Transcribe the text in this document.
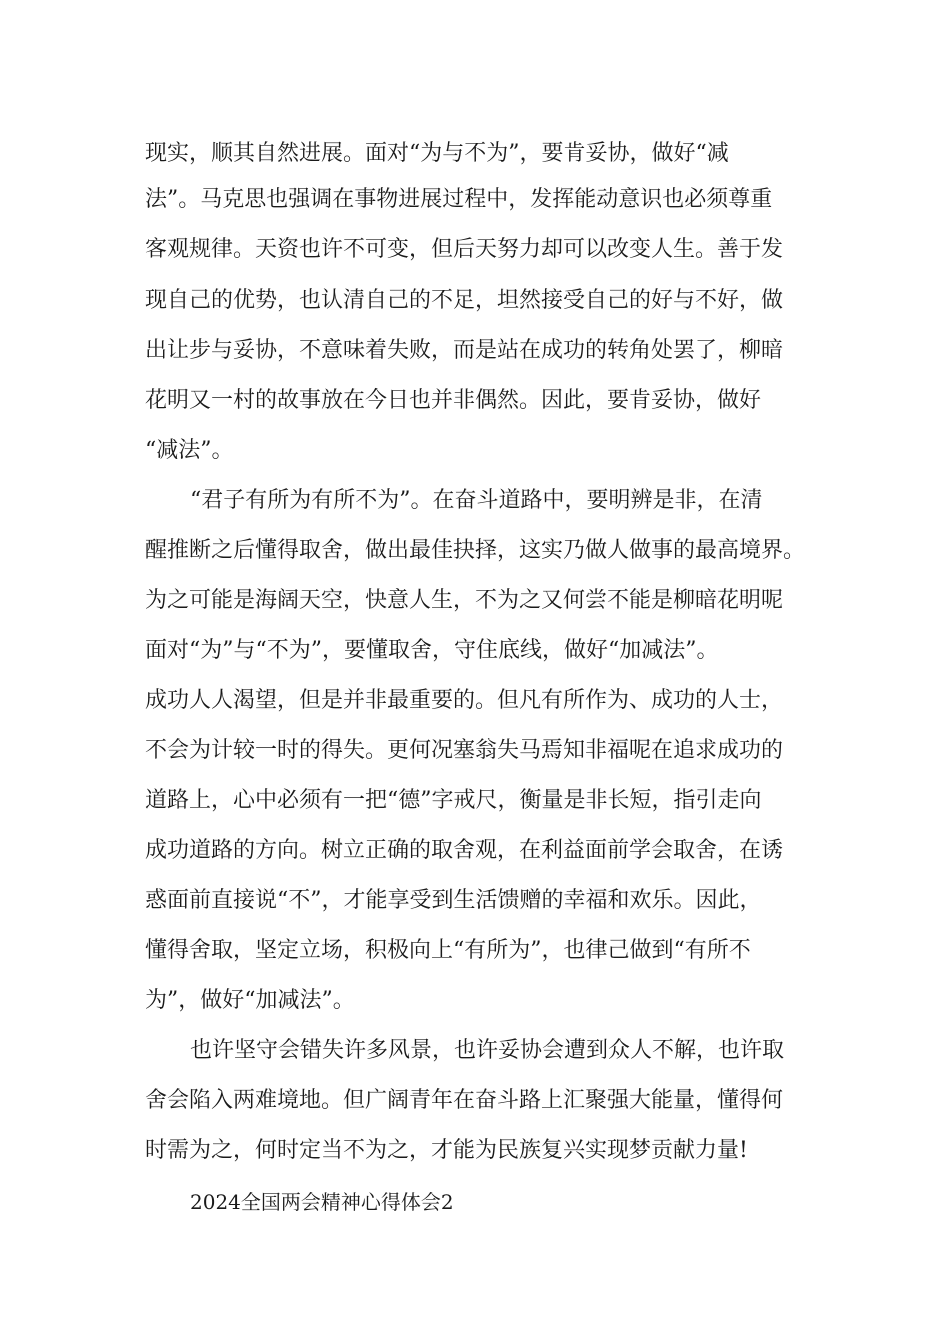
现实，顺其自然进展。面对“为与不为”，要肯妥协，做好“减
法”。马克思也强调在事物进展过程中，发挥能动意识也必须尊重
客观规律。天资也许不可变，但后天努力却可以改变人生。善于发
现自己的优势，也认清自己的不足，坦然接受自己的好与不好，做
出让步与妥协，不意味着失败，而是站在成功的转角处罢了，柳暗
花明又一村的故事放在今日也并非偶然。因此，要肯妥协，做好
“减法”。
“君子有所为有所不为”。在奋斗道路中，要明辨是非，在清
醒推断之后懂得取舍，做出最佳抉择，这实乃做人做事的最高境界。
为之可能是海阔天空，快意人生，不为之又何尝不能是柳暗花明呢
面对“为”与“不为”，要懂取舍，守住底线，做好“加减法”。
成功人人渴望，但是并非最重要的。但凡有所作为、成功的人士，
不会为计较一时的得失。更何况塞翁失马焉知非福呢在追求成功的
道路上，心中必须有一把“德”字戒尺，衡量是非长短，指引走向
成功道路的方向。树立正确的取舍观，在利益面前学会取舍，在诱
惑面前直接说“不”，才能享受到生活馈赠的幸福和欢乐。因此，
懂得舍取，坚定立场，积极向上“有所为”，也律己做到“有所不
为”，做好“加减法”。
也许坚守会错失许多风景，也许妥协会遭到众人不解，也许取
舍会陷入两难境地。但广阔青年在奋斗路上汇聚强大能量，懂得何
时需为之，何时定当不为之，才能为民族复兴实现梦贡献力量!
2024全国两会精神心得体会2
